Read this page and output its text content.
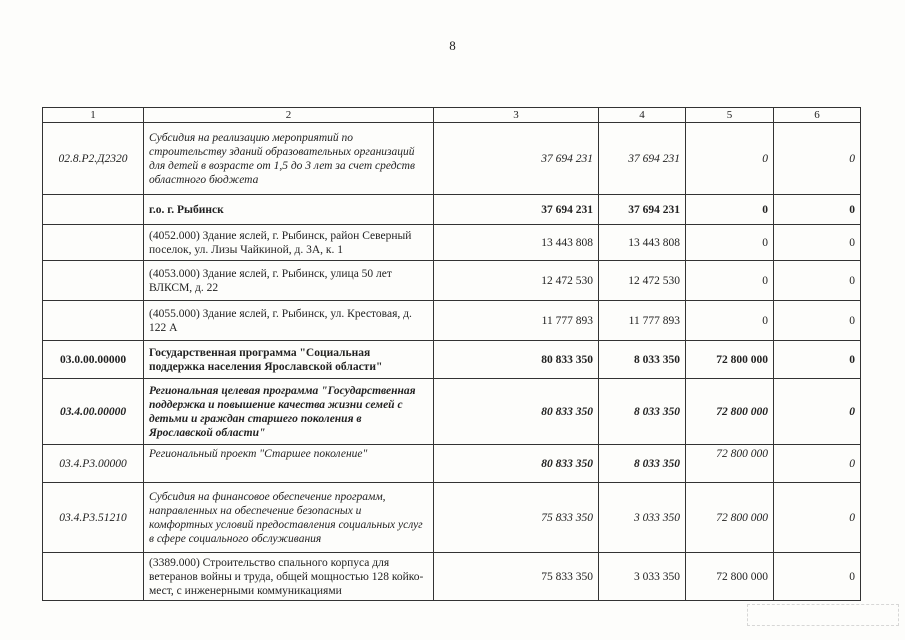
8
1	2	3	4	5	6
02.8.Р2.Д2320	Субсидия на реализацию мероприятий по строительству зданий образовательных организаций для детей в возрасте от 1,5 до 3 лет за счет средств областного бюджета	37 694 231	37 694 231	0	0
	г.о. г. Рыбинск	37 694 231	37 694 231	0	0
	(4052.000) Здание яслей, г. Рыбинск, район Северный поселок, ул. Лизы Чайкиной, д. 3А, к. 1	13 443 808	13 443 808	0	0
	(4053.000) Здание яслей, г. Рыбинск, улица 50 лет ВЛКСМ, д. 22	12 472 530	12 472 530	0	0
	(4055.000) Здание яслей, г. Рыбинск, ул. Крестовая, д. 122 А	11 777 893	11 777 893	0	0
03.0.00.00000	Государственная программа "Социальная поддержка населения Ярославской области"	80 833 350	8 033 350	72 800 000	0
03.4.00.00000	Региональная целевая программа "Государственная поддержка и повышение качества жизни семей с детьми и граждан старшего поколения в Ярославской области"	80 833 350	8 033 350	72 800 000	0
03.4.Р3.00000	Региональный проект "Старшее поколение"	80 833 350	8 033 350	72 800 000	0
03.4.Р3.51210	Субсидия на финансовое обеспечение программ, направленных на обеспечение безопасных и комфортных условий предоставления социальных услуг в сфере социального обслуживания	75 833 350	3 033 350	72 800 000	0
	(3389.000) Строительство спального корпуса для ветеранов войны и труда, общей мощностью 128 койко-мест, с инженерными коммуникациями	75 833 350	3 033 350	72 800 000	0
